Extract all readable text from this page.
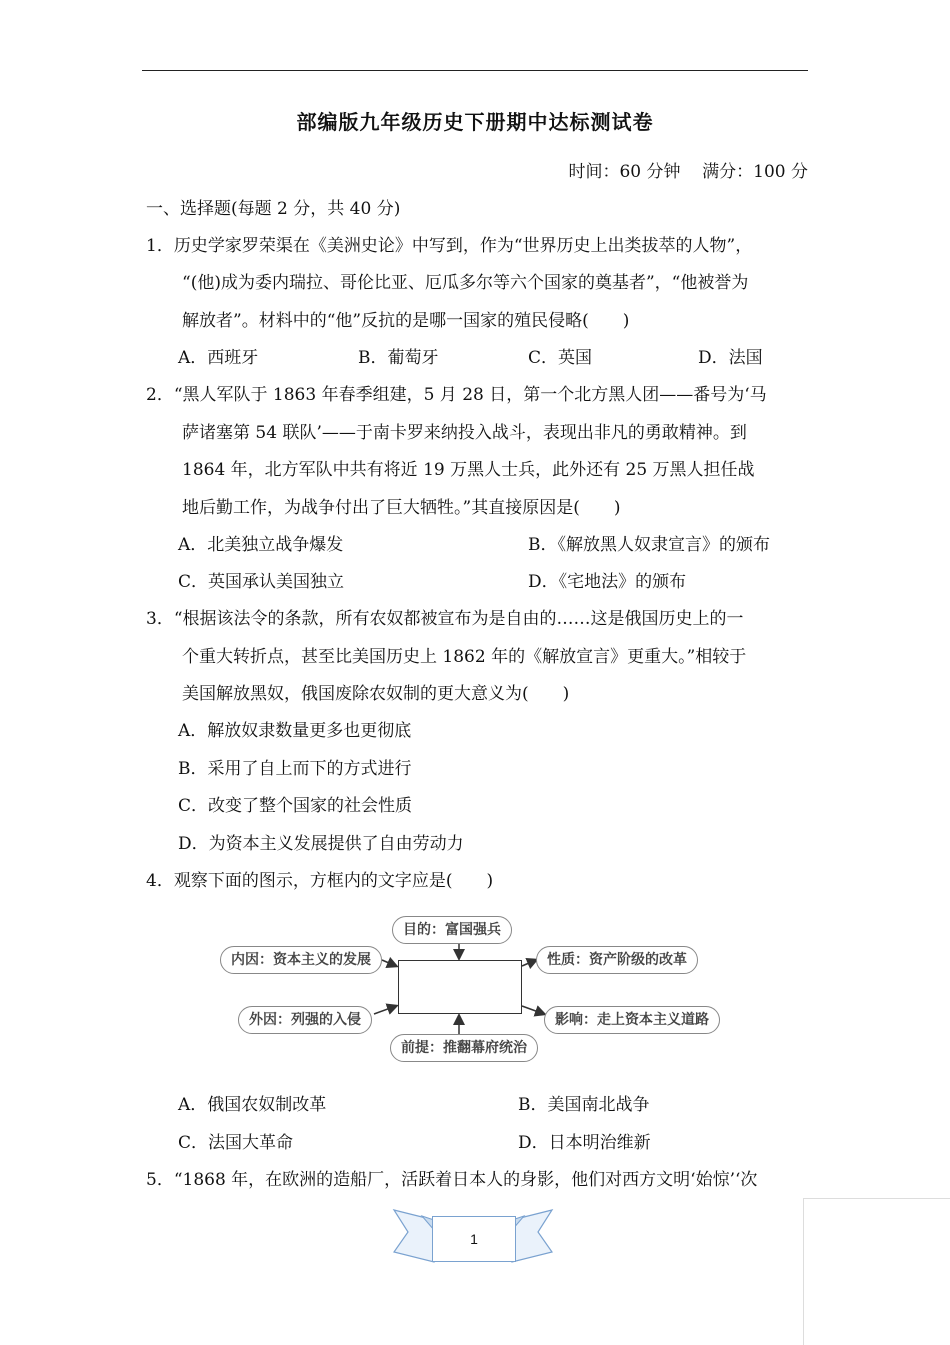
部编版九年级历史下册期中达标测试卷
时间：60 分钟    满分：100 分
一、选择题(每题 2 分，共 40 分)
1．历史学家罗荣渠在《美洲史论》中写到，作为“世界历史上出类拔萃的人物”，
“(他)成为委内瑞拉、哥伦比亚、厄瓜多尔等六个国家的奠基者”，“他被誉为
解放者”。材料中的“他”反抗的是哪一国家的殖民侵略(　　)
A．西班牙	B．葡萄牙	C．英国	D．法国
2．“黑人军队于 1863 年春季组建，5 月 28 日，第一个北方黑人团——番号为‘马
萨诸塞第 54 联队’——于南卡罗来纳投入战斗，表现出非凡的勇敢精神。到
1864 年，北方军队中共有将近 19 万黑人士兵，此外还有 25 万黑人担任战
地后勤工作，为战争付出了巨大牺牲。”其直接原因是(　　)
A．北美独立战争爆发	B．《解放黑人奴隶宣言》的颁布
C．英国承认美国独立	D．《宅地法》的颁布
3．“根据该法令的条款，所有农奴都被宣布为是自由的……这是俄国历史上的一
个重大转折点，甚至比美国历史上 1862 年的《解放宣言》更重大。”相较于
美国解放黑奴，俄国废除农奴制的更大意义为(　　)
A．解放奴隶数量更多也更彻底
B．采用了自上而下的方式进行
C．改变了整个国家的社会性质
D．为资本主义发展提供了自由劳动力
4．观察下面的图示，方框内的文字应是(　　)
目的：富国强兵
内因：资本主义的发展
外因：列强的入侵
前提：推翻幕府统治
性质：资产阶级的改革
影响：走上资本主义道路
A．俄国农奴制改革	B．美国南北战争
C．法国大革命	D．日本明治维新
5．“1868 年，在欧洲的造船厂，活跃着日本人的身影，他们对西方文明‘始惊’‘次
1
